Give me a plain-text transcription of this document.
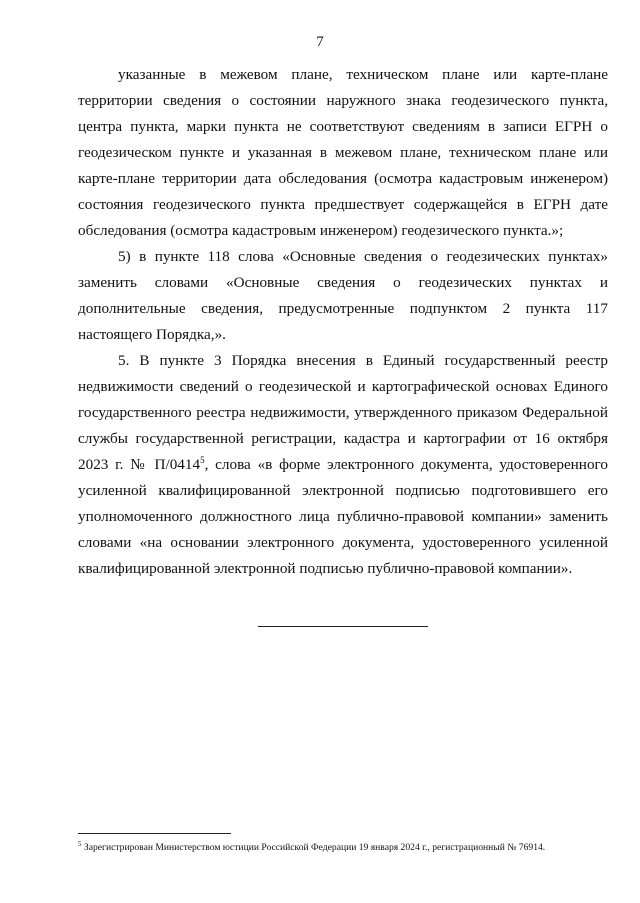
7

указанные в межевом плане, техническом плане или карте-плане территории сведения о состоянии наружного знака геодезического пункта, центра пункта, марки пункта не соответствуют сведениям в записи ЕГРН о геодезическом пункте и указанная в межевом плане, техническом плане или карте-плане территории дата обследования (осмотра кадастровым инженером) состояния геодезического пункта предшествует содержащейся в ЕГРН дате обследования (осмотра кадастровым инженером) геодезического пункта.»;

5) в пункте 118 слова «Основные сведения о геодезических пунктах» заменить словами «Основные сведения о геодезических пунктах и дополнительные сведения, предусмотренные подпунктом 2 пункта 117 настоящего Порядка,».

5. В пункте 3 Порядка внесения в Единый государственный реестр недвижимости сведений о геодезической и картографической основах Единого государственного реестра недвижимости, утвержденного приказом Федеральной службы государственной регистрации, кадастра и картографии от 16 октября 2023 г. № П/0414$^5$, слова «в форме электронного документа, удостоверенного усиленной квалифицированной электронной подписью подготовившего его уполномоченного должностного лица публично-правовой компании» заменить словами «на основании электронного документа, удостоверенного усиленной квалифицированной электронной подписью публично-правовой компании».

$^5$ Зарегистрирован Министерством юстиции Российской Федерации 19 января 2024 г., регистрационный № 76914.
